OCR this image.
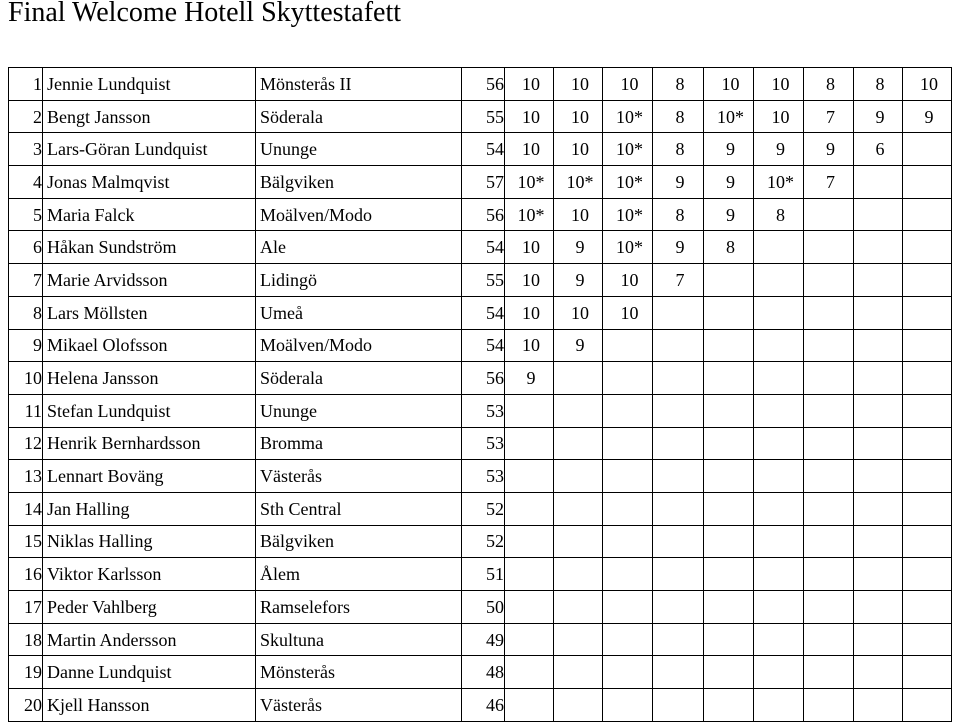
Final Welcome Hotell Skyttestafett
1	Jennie Lundquist	Mönsterås II	56	10	10	10	8	10	10	8	8	10
2	Bengt Jansson	Söderala	55	10	10	10*	8	10*	10	7	9	9
3	Lars-Göran Lundquist	Ununge	54	10	10	10*	8	9	9	9	6	
4	Jonas Malmqvist	Bälgviken	57	10*	10*	10*	9	9	10*	7		
5	Maria Falck	Moälven/Modo	56	10*	10	10*	8	9	8			
6	Håkan Sundström	Ale	54	10	9	10*	9	8				
7	Marie Arvidsson	Lidingö	55	10	9	10	7					
8	Lars Möllsten	Umeå	54	10	10	10						
9	Mikael Olofsson	Moälven/Modo	54	10	9							
10	Helena Jansson	Söderala	56	9								
11	Stefan Lundquist	Ununge	53									
12	Henrik Bernhardsson	Bromma	53									
13	Lennart Boväng	Västerås	53									
14	Jan Halling	Sth Central	52									
15	Niklas Halling	Bälgviken	52									
16	Viktor Karlsson	Ålem	51									
17	Peder Vahlberg	Ramselefors	50									
18	Martin Andersson	Skultuna	49									
19	Danne Lundquist	Mönsterås	48									
20	Kjell Hansson	Västerås	46									
